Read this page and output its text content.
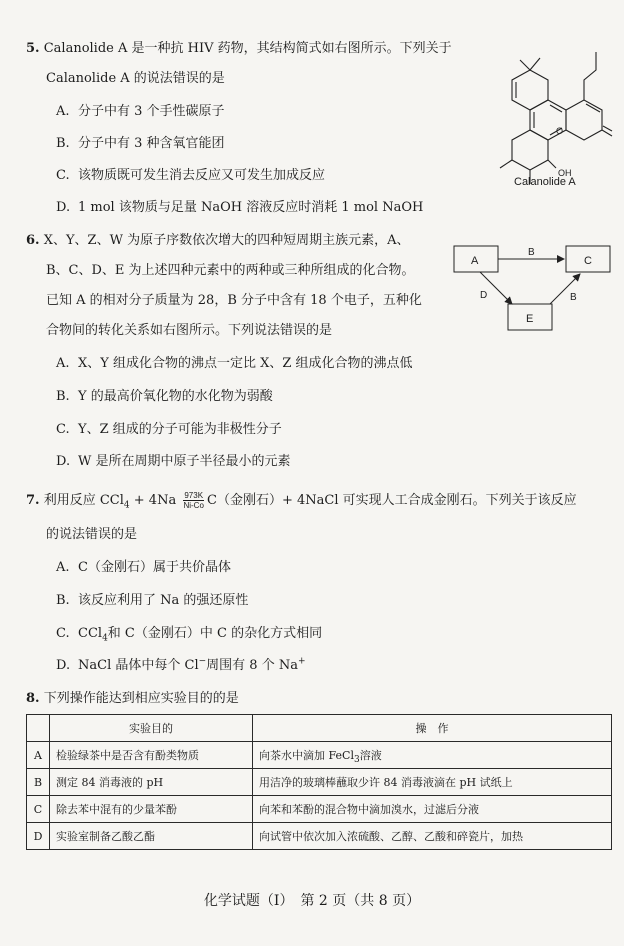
5. Calanolide A 是一种抗 HIV 药物，其结构简式如右图所示。下列关于
Calanolide A 的说法错误的是
A. 分子中有 3 个手性碳原子
B. 分子中有 3 种含氧官能团
C. 该物质既可发生消去反应又可发生加成反应
D. 1 mol 该物质与足量 NaOH 溶液反应时消耗 1 mol NaOH
O
OH
Calanolide A
6. X、Y、Z、W 为原子序数依次增大的四种短周期主族元素，A、
B、C、D、E 为上述四种元素中的两种或三种所组成的化合物。
已知 A 的相对分子质量为 28，B 分子中含有 18 个电子，五种化
合物间的转化关系如右图所示。下列说法错误的是
A. X、Y 组成化合物的沸点一定比 X、Z 组成化合物的沸点低
B. Y 的最高价氧化物的水化物为弱酸
C. Y、Z 组成的分子可能为非极性分子
D. W 是所在周期中原子半径最小的元素
A	C
E
B
D	B
7. 利用反应 $CCl_4 + 4Na \frac{973K}{Ni-Co} C$（金刚石）+ 4NaCl 可实现人工合成金刚石。下列关于该反应
的说法错误的是
A. C（金刚石）属于共价晶体
B. 该反应利用了 Na 的强还原性
C. CCl$_4$和 C（金刚石）中 C 的杂化方式相同
D. NaCl 晶体中每个 Cl−周围有 8 个 Na+
8. 下列操作能达到相应实验目的的是
	实验目的	操　作
A	检验绿茶中是否含有酚类物质	向茶水中滴加 FeCl$_3$溶液
B	测定 84 消毒液的 pH	用洁净的玻璃棒蘸取少许 84 消毒液滴在 pH 试纸上
C	除去苯中混有的少量苯酚	向苯和苯酚的混合物中滴加溴水，过滤后分液
D	实验室制备乙酸乙酯	向试管中依次加入浓硫酸、乙醇、乙酸和碎瓷片，加热
化学试题（Ⅰ）　第 2 页（共 8 页）
